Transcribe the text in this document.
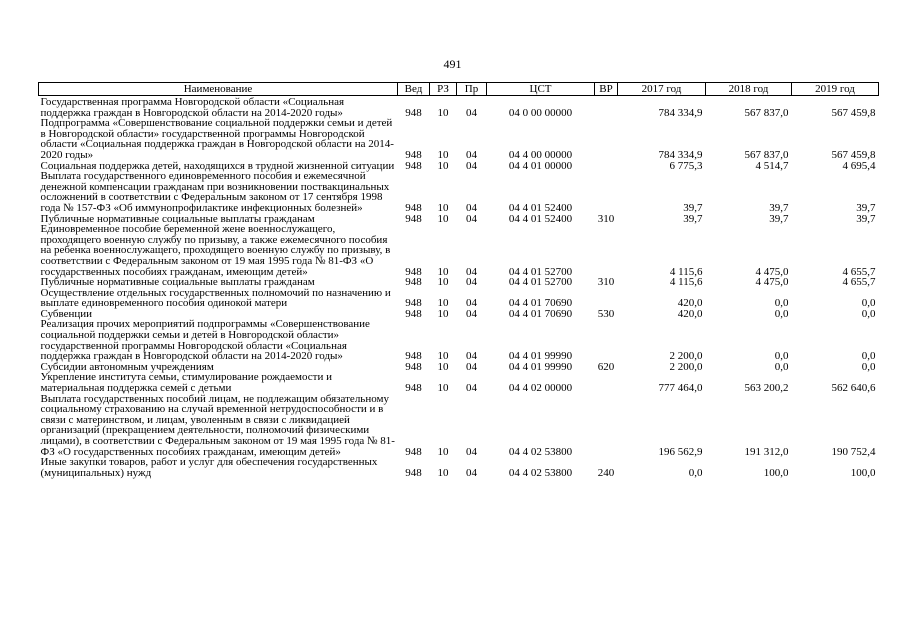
491
Наименование	Вед	РЗ	Пр	ЦСТ	ВР	2017 год	2018 год	2019 год
Государственная программа Новгородской области «Социальная поддержка граждан в Новгородской области на 2014-2020 годы»	948	10	04	04 0 00 00000		784 334,9	567 837,0	567 459,8
Подпрограмма «Совершенствование социальной поддержки семьи и детей в Новгородской области» государственной программы Новгородской области «Социальная поддержка граждан в Новгородской области на 2014-2020 годы»	948	10	04	04 4 00 00000		784 334,9	567 837,0	567 459,8
Социальная поддержка детей, находящихся в трудной жизненной ситуации	948	10	04	04 4 01 00000		6 775,3	4 514,7	4 695,4
Выплата государственного единовременного пособия и ежемесячной денежной компенсации гражданам при возникновении поствакцинальных осложнений в соответствии с Федеральным законом от 17 сентября 1998 года № 157-ФЗ «Об иммунопрофилактике инфекционных болезней»	948	10	04	04 4 01 52400		39,7	39,7	39,7
Публичные нормативные социальные выплаты гражданам	948	10	04	04 4 01 52400	310	39,7	39,7	39,7
Единовременное пособие беременной жене военнослужащего, проходящего военную службу по призыву, а также ежемесячного пособия на ребенка военнослужащего, проходящего военную службу по призыву, в соответствии с Федеральным законом от 19 мая 1995 года № 81-ФЗ «О государственных пособиях гражданам, имеющим детей»	948	10	04	04 4 01 52700		4 115,6	4 475,0	4 655,7
Публичные нормативные социальные выплаты гражданам	948	10	04	04 4 01 52700	310	4 115,6	4 475,0	4 655,7
Осуществление отдельных государственных полномочий по назначению и выплате единовременного пособия одинокой матери	948	10	04	04 4 01 70690		420,0	0,0	0,0
Субвенции	948	10	04	04 4 01 70690	530	420,0	0,0	0,0
Реализация прочих мероприятий подпрограммы «Совершенствование социальной поддержки семьи и детей в Новгородской области» государственной программы Новгородской области «Социальная поддержка граждан в Новгородской области на 2014-2020 годы»	948	10	04	04 4 01 99990		2 200,0	0,0	0,0
Субсидии автономным учреждениям	948	10	04	04 4 01 99990	620	2 200,0	0,0	0,0
Укрепление института семьи, стимулирование рождаемости и материальная поддержка семей с детьми	948	10	04	04 4 02 00000		777 464,0	563 200,2	562 640,6
Выплата государственных пособий лицам, не подлежащим обязательному социальному страхованию на случай временной нетрудоспособности и в связи с материнством, и лицам, уволенным в связи с ликвидацией организаций (прекращением деятельности, полномочий физическими лицами), в соответствии с Федеральным законом от 19 мая 1995 года № 81-ФЗ «О государственных пособиях гражданам, имеющим детей»	948	10	04	04 4 02 53800		196 562,9	191 312,0	190 752,4
Иные закупки товаров, работ и услуг для обеспечения государственных (муниципальных) нужд	948	10	04	04 4 02 53800	240	0,0	100,0	100,0
